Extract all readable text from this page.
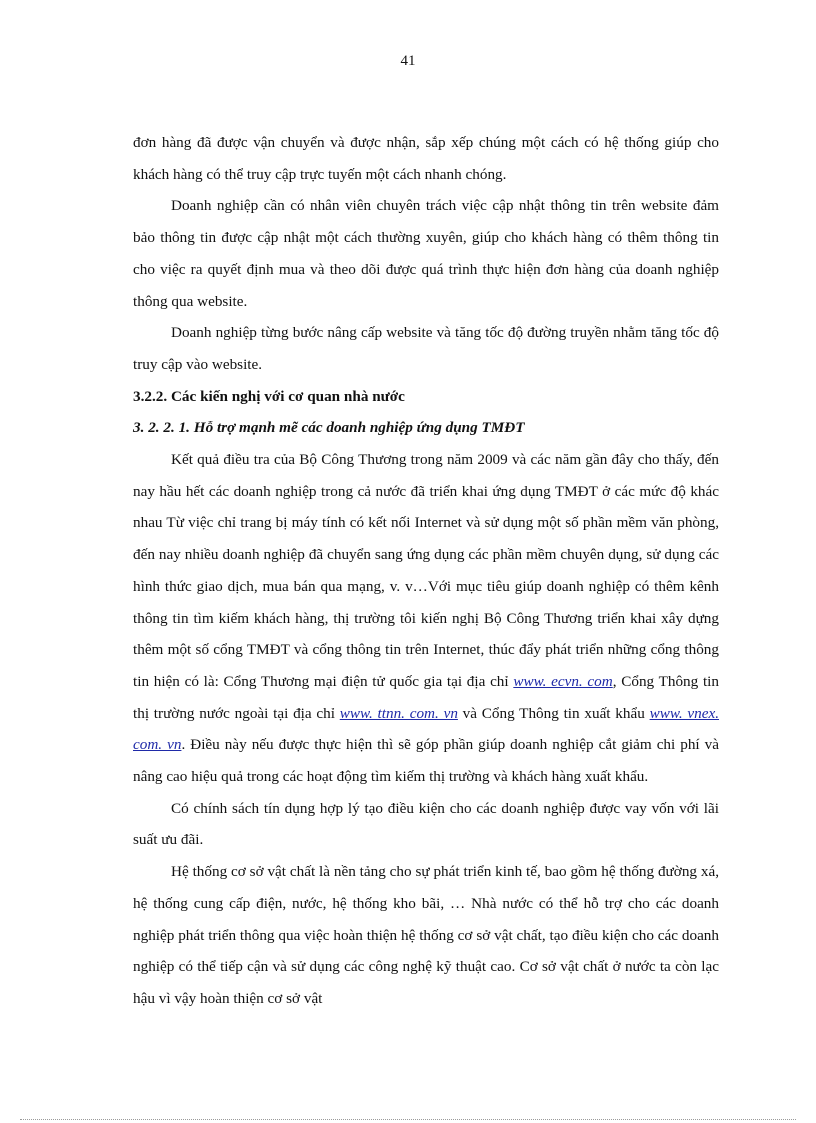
41

đơn hàng đã được vận chuyển và được nhận, sắp xếp chúng một cách có hệ thống giúp cho khách hàng có thể truy cập trực tuyến một cách nhanh chóng.

Doanh nghiệp cần có nhân viên chuyên trách việc cập nhật thông tin trên website đảm bảo thông tin được cập nhật một cách thường xuyên, giúp cho khách hàng có thêm thông tin cho việc ra quyết định mua và theo dõi được quá trình thực hiện đơn hàng của doanh nghiệp thông qua website.

Doanh nghiệp từng bước nâng cấp website và tăng tốc độ đường truyền nhằm tăng tốc độ truy cập vào website.

3.2.2. Các kiến nghị với cơ quan nhà nước
3. 2. 2. 1. Hỗ trợ mạnh mẽ các doanh nghiệp ứng dụng TMĐT

Kết quả điều tra của Bộ Công Thương trong năm 2009 và các năm gần đây cho thấy, đến nay hầu hết các doanh nghiệp trong cả nước đã triển khai ứng dụng TMĐT ở các mức độ khác nhau Từ việc chỉ trang bị máy tính có kết nối Internet và sử dụng một số phần mềm văn phòng, đến nay nhiều doanh nghiệp đã chuyển sang ứng dụng các phần mềm chuyên dụng, sử dụng các hình thức giao dịch, mua bán qua mạng, v. v…Với mục tiêu giúp doanh nghiệp có thêm kênh thông tin tìm kiếm khách hàng, thị trường tôi kiến nghị Bộ Công Thương triển khai xây dựng thêm một số cổng TMĐT và cổng thông tin trên Internet, thúc đẩy phát triển những cổng thông tin hiện có là: Cổng Thương mại điện tử quốc gia tại địa chỉ www. ecvn. com, Cổng Thông tin thị trường nước ngoài tại địa chỉ www. ttnn. com. vn và Cổng Thông tin xuất khẩu www. vnex. com. vn. Điều này nếu được thực hiện thì sẽ góp phần giúp doanh nghiệp cắt giảm chi phí và nâng cao hiệu quả trong các hoạt động tìm kiếm thị trường và khách hàng xuất khẩu.

Có chính sách tín dụng hợp lý tạo điều kiện cho các doanh nghiệp được vay vốn với lãi suất ưu đãi.

Hệ thống cơ sở vật chất là nền tảng cho sự phát triển kinh tế, bao gồm hệ thống đường xá, hệ thống cung cấp điện, nước, hệ thống kho bãi, … Nhà nước có thể hỗ trợ cho các doanh nghiệp phát triển thông qua việc hoàn thiện hệ thống cơ sở vật chất, tạo điều kiện cho các doanh nghiệp có thể tiếp cận và sử dụng các công nghệ kỹ thuật cao. Cơ sở vật chất ở nước ta còn lạc hậu vì vậy hoàn thiện cơ sở vật
